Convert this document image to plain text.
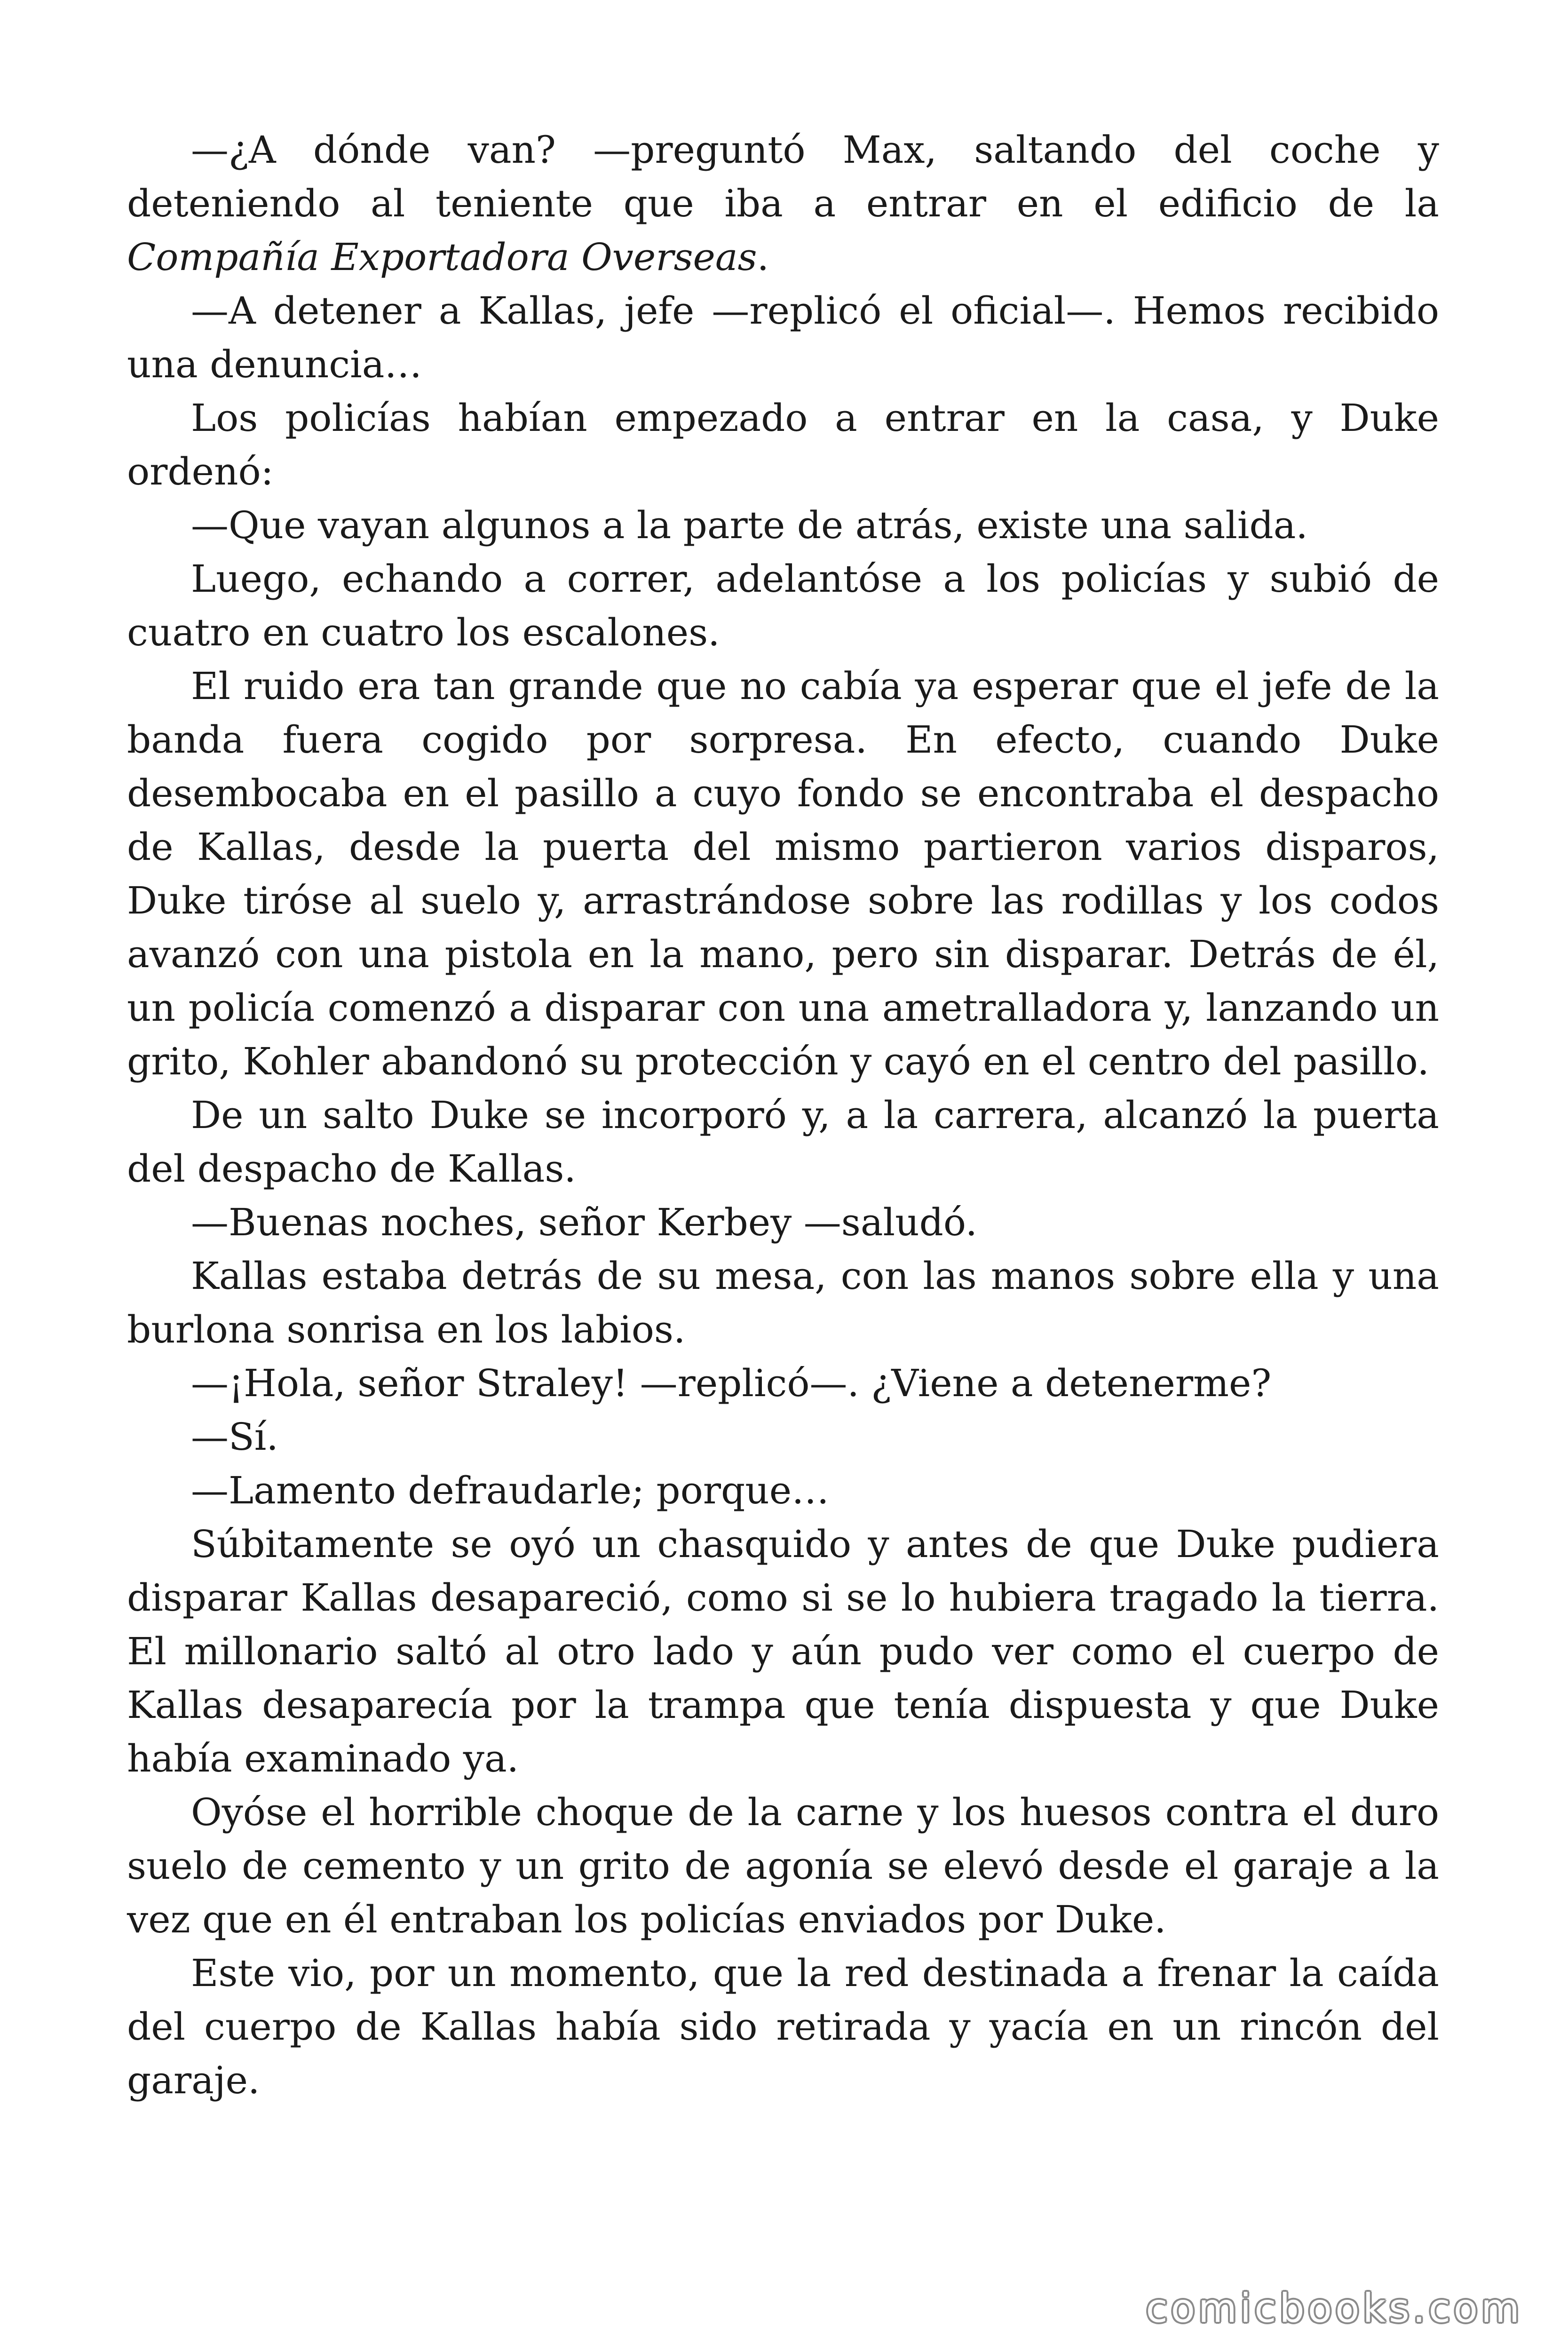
—¿A dónde van? —preguntó Max, saltando del coche y deteniendo al teniente que iba a entrar en el edificio de la Compañía Exportadora Overseas.

—A detener a Kallas, jefe —replicó el oficial—. Hemos recibido una denuncia…

Los policías habían empezado a entrar en la casa, y Duke ordenó:

—Que vayan algunos a la parte de atrás, existe una salida.

Luego, echando a correr, adelantóse a los policías y subió de cuatro en cuatro los escalones.

El ruido era tan grande que no cabía ya esperar que el jefe de la banda fuera cogido por sorpresa. En efecto, cuando Duke desembocaba en el pasillo a cuyo fondo se encontraba el despacho de Kallas, desde la puerta del mismo partieron varios disparos, Duke tiróse al suelo y, arrastrándose sobre las rodillas y los codos avanzó con una pistola en la mano, pero sin disparar. Detrás de él, un policía comenzó a disparar con una ametralladora y, lanzando un grito, Kohler abandonó su protección y cayó en el centro del pasillo.

De un salto Duke se incorporó y, a la carrera, alcanzó la puerta del despacho de Kallas.

—Buenas noches, señor Kerbey —saludó.

Kallas estaba detrás de su mesa, con las manos sobre ella y una burlona sonrisa en los labios.

—¡Hola, señor Straley! —replicó—. ¿Viene a detenerme?

—Sí.

—Lamento defraudarle; porque…

Súbitamente se oyó un chasquido y antes de que Duke pudiera disparar Kallas desapareció, como si se lo hubiera tragado la tierra. El millonario saltó al otro lado y aún pudo ver como el cuerpo de Kallas desaparecía por la trampa que tenía dispuesta y que Duke había examinado ya.

Oyóse el horrible choque de la carne y los huesos contra el duro suelo de cemento y un grito de agonía se elevó desde el garaje a la vez que en él entraban los policías enviados por Duke.

Este vio, por un momento, que la red destinada a frenar la caída del cuerpo de Kallas había sido retirada y yacía en un rincón del garaje.

comicbooks.com
